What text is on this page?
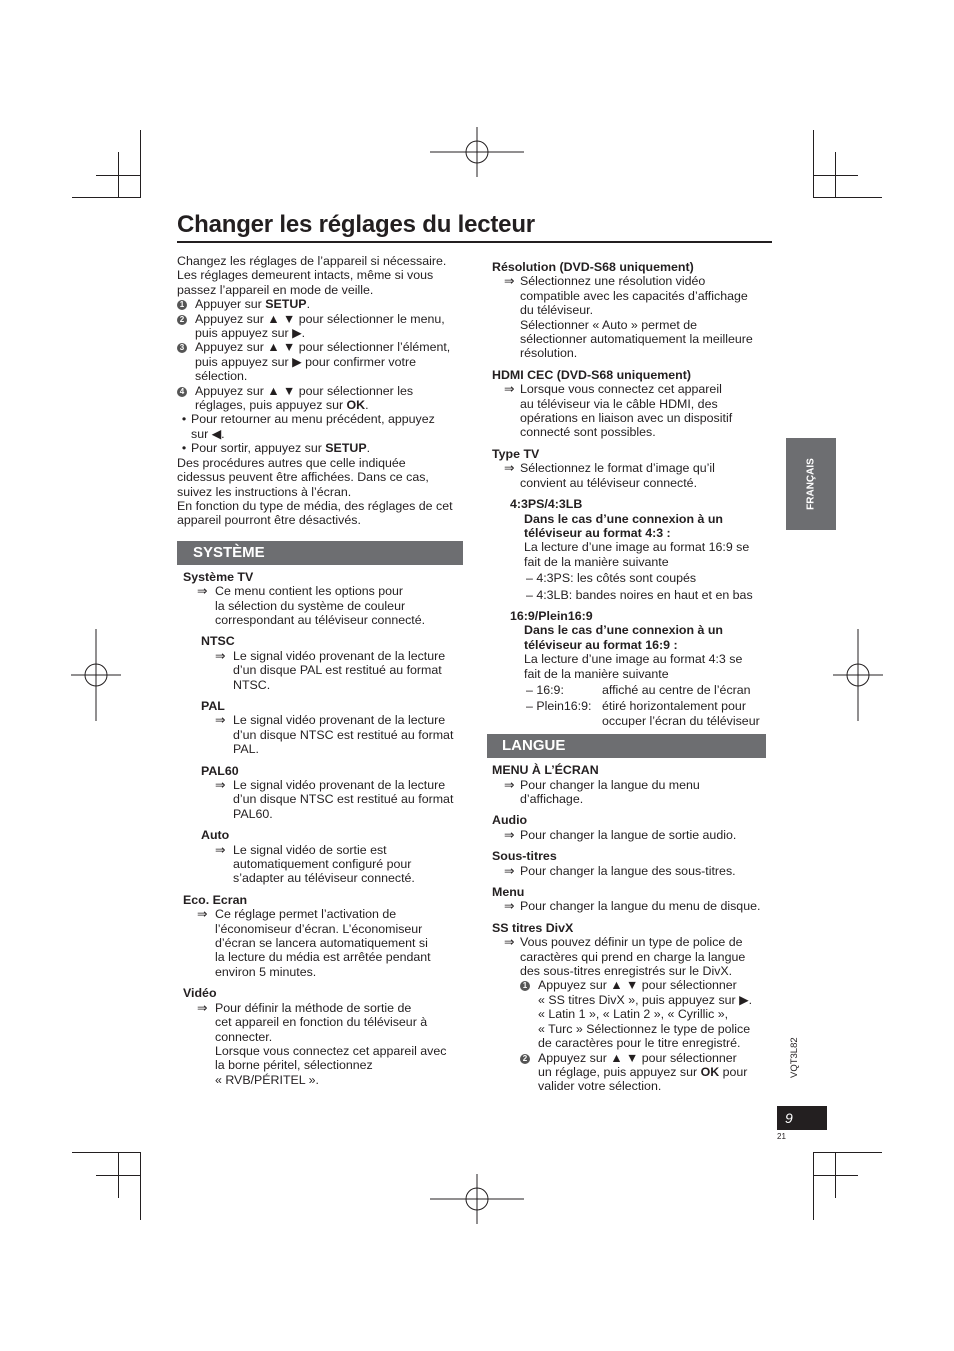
Changer les réglages du lecteur

Changez les réglages de l’appareil si nécessaire.

Les réglages demeurent intacts, même si vous

passez l’appareil en mode de veille.

1 Appuyer sur SETUP.
2 Appuyez sur ▲ ▼ pour sélectionner le menu,
puis appuyez sur ▶.
3 Appuyez sur ▲ ▼ pour sélectionner l’élément,
puis appuyez sur ▶ pour confirmer votre
sélection.
4 Appuyez sur ▲ ▼ pour sélectionner les
réglages, puis appuyez sur OK.
• Pour retourner au menu précédent, appuyez
sur ◀.
• Pour sortir, appuyez sur SETUP.

Des procédures autres que celle indiquée

cidessus peuvent être affichées. Dans ce cas,

suivez les instructions à l’écran.

En fonction du type de média, des réglages de cet

appareil pourront être désactivés.

SYSTÈME
Système TV
⇒ Ce menu contient les options pour
la sélection du système de couleur
correspondant au téléviseur connecté.
NTSC
⇒ Le signal vidéo provenant de la lecture
d’un disque PAL est restitué au format
NTSC.
PAL
⇒ Le signal vidéo provenant de la lecture
d’un disque NTSC est restitué au format
PAL.
PAL60
⇒ Le signal vidéo provenant de la lecture
d’un disque NTSC est restitué au format
PAL60.
Auto
⇒ Le signal vidéo de sortie est
automatiquement configuré pour
s’adapter au téléviseur connecté.
Eco. Ecran
⇒ Ce réglage permet l’activation de
l’économiseur d’écran. L’économiseur
d’écran se lancera automatiquement si
la lecture du média est arrêtée pendant
environ 5 minutes.
Vidéo
⇒ Pour définir la méthode de sortie de
cet appareil en fonction du téléviseur à
connecter.
Lorsque vous connectez cet appareil avec
la borne péritel, sélectionnez
« RVB/PÉRITEL ».
Résolution (DVD-S68 uniquement)
⇒ Sélectionnez une résolution vidéo
compatible avec les capacités d’affichage
du téléviseur.
Sélectionner « Auto » permet de
sélectionner automatiquement la meilleure
résolution.
HDMI CEC (DVD-S68 uniquement)
⇒ Lorsque vous connectez cet appareil
au téléviseur via le câble HDMI, des
opérations en liaison avec un dispositif
connecté sont possibles.
Type TV
⇒ Sélectionnez le format d’image qu’il
convient au téléviseur connecté.
4:3PS/4:3LB
Dans le cas d’une connexion à un
téléviseur au format 4:3 :
La lecture d’une image au format 16:9 se
fait de la manière suivante
– 4:3PS: les côtés sont coupés
– 4:3LB: bandes noires en haut et en bas
16:9/Plein16:9
Dans le cas d’une connexion à un
téléviseur au format 16:9 :
La lecture d’une image au format 4:3 se
fait de la manière suivante
– 16:9:	affiché au centre de l’écran
– Plein16:9: étiré horizontalement pour
occuper l’écran du téléviseur
LANGUE
MENU À L’ÉCRAN
⇒ Pour changer la langue du menu
d’affichage.
Audio
⇒ Pour changer la langue de sortie audio.
Sous-titres
⇒ Pour changer la langue des sous-titres.
Menu
⇒ Pour changer la langue du menu de disque.
SS titres DivX
⇒ Vous pouvez définir un type de police de
caractères qui prend en charge la langue
des sous-titres enregistrés sur le DivX.
1 Appuyez sur ▲ ▼ pour sélectionner
« SS titres DivX », puis appuyez sur ▶.
« Latin 1 », « Latin 2 », « Cyrillic »,
« Turc » Sélectionnez le type de police
de caractères pour le titre enregistré.
2 Appuyez sur ▲ ▼ pour sélectionner
un réglage, puis appuyez sur OK pour
valider votre sélection.
FRANÇAIS
VQT3L82
9
21
